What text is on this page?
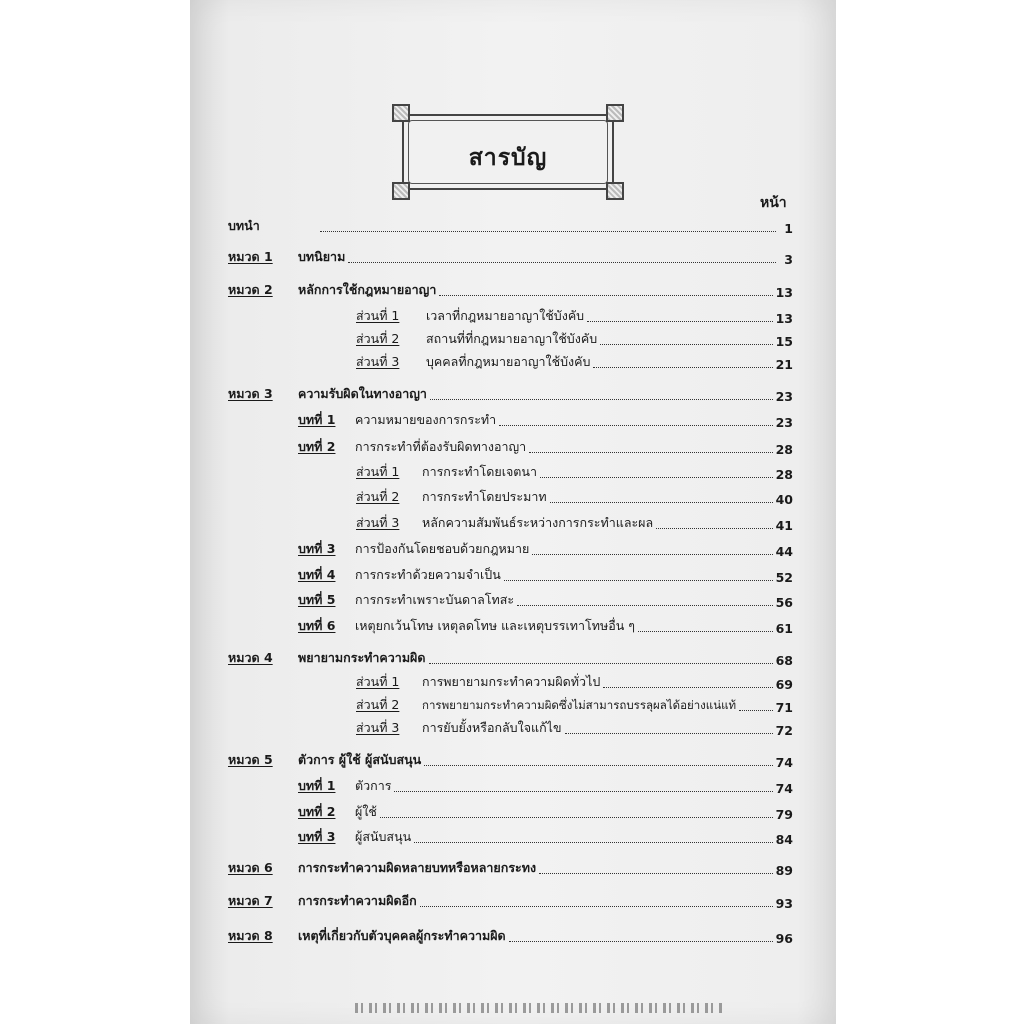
สารบัญ
หน้า
บทนำ	1
หมวด 1	บทนิยาม	3
หมวด 2	หลักการใช้กฎหมายอาญา	13
ส่วนที่ 1	เวลาที่กฎหมายอาญาใช้บังคับ	13
ส่วนที่ 2	สถานที่ที่กฎหมายอาญาใช้บังคับ	15
ส่วนที่ 3	บุคคลที่กฎหมายอาญาใช้บังคับ	21
หมวด 3	ความรับผิดในทางอาญา	23
บทที่ 1	ความหมายของการกระทำ	23
บทที่ 2	การกระทำที่ต้องรับผิดทางอาญา	28
ส่วนที่ 1	การกระทำโดยเจตนา	28
ส่วนที่ 2	การกระทำโดยประมาท	40
ส่วนที่ 3	หลักความสัมพันธ์ระหว่างการกระทำและผล	41
บทที่ 3	การป้องกันโดยชอบด้วยกฎหมาย	44
บทที่ 4	การกระทำด้วยความจำเป็น	52
บทที่ 5	การกระทำเพราะบันดาลโทสะ	56
บทที่ 6	เหตุยกเว้นโทษ เหตุลดโทษ และเหตุบรรเทาโทษอื่น ๆ	61
หมวด 4	พยายามกระทำความผิด	68
ส่วนที่ 1	การพยายามกระทำความผิดทั่วไป	69
ส่วนที่ 2	การพยายามกระทำความผิดซึ่งไม่สามารถบรรลุผลได้อย่างแน่แท้	71
ส่วนที่ 3	การยับยั้งหรือกลับใจแก้ไข	72
หมวด 5	ตัวการ ผู้ใช้ ผู้สนับสนุน	74
บทที่ 1	ตัวการ	74
บทที่ 2	ผู้ใช้	79
บทที่ 3	ผู้สนับสนุน	84
หมวด 6	การกระทำความผิดหลายบทหรือหลายกระทง	89
หมวด 7	การกระทำความผิดอีก	93
หมวด 8	เหตุที่เกี่ยวกับตัวบุคคลผู้กระทำความผิด	96
